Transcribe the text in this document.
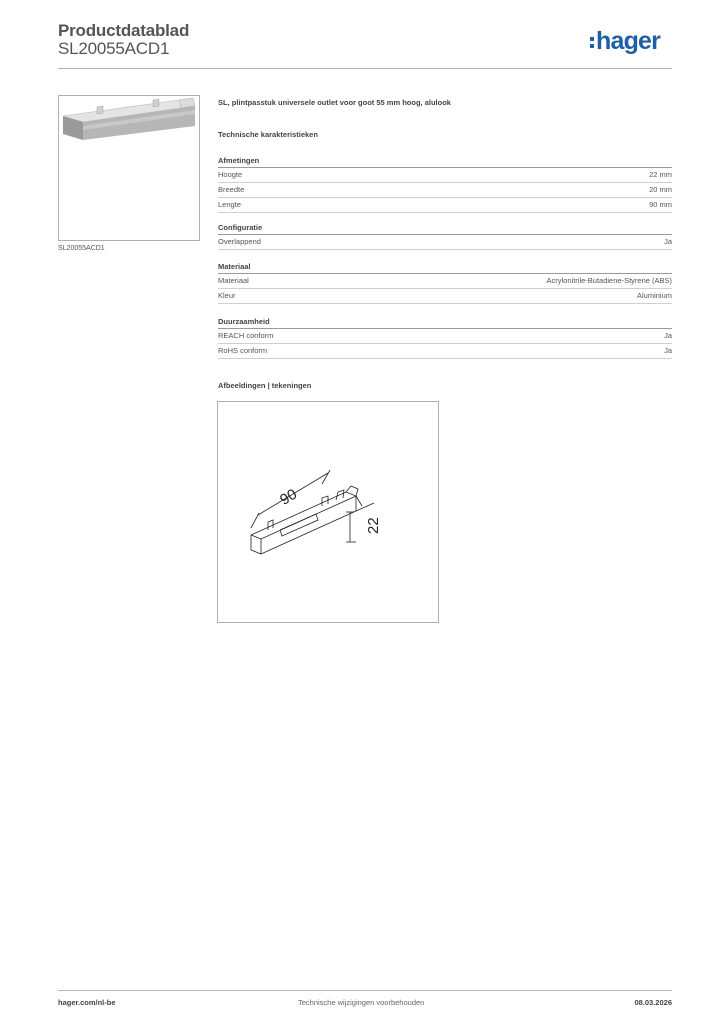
Productdatablad
SL20055ACD1	hager
SL20055ACD1
SL, plintpasstuk universele outlet voor goot 55 mm hoog, alulook
Technische karakteristieken
Afmetingen
Hoogte	22 mm
Breedte	20 mm
Lengte	90 mm
Configuratie
Overlappend	Ja
Materiaal
Materiaal	Acrylonitrile-Butadiene-Styrene (ABS)
Kleur	Aluminium
Duurzaamheid
REACH conform	Ja
RoHS conform	Ja
Afbeeldingen | tekeningen
90
22
hager.com/nl-be	Technische wijzigingen voorbehouden	08.03.2026
